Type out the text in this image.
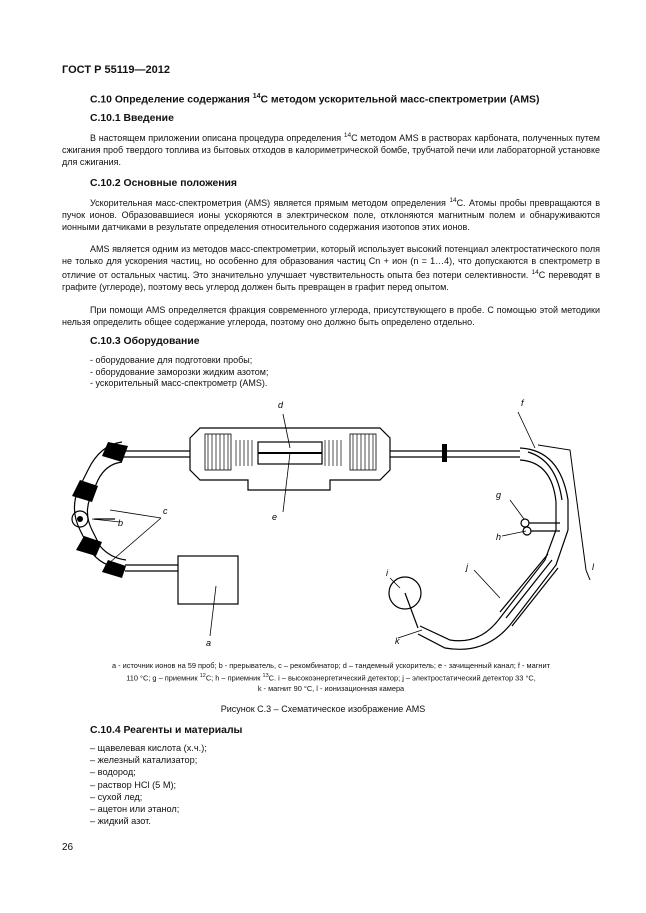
ГОСТ Р 55119—2012
С.10 Определение содержания $^{14}$С методом ускорительной масс-спектрометрии (AMS)
С.10.1 Введение

В настоящем приложении описана процедура определения $^{14}$С методом AMS в растворах карбоната, полученных путем сжигания проб твердого топлива из бытовых отходов в калориметрической бомбе, трубчатой печи или лабораторной установке для сжигания.

С.10.2 Основные положения

Ускорительная масс-спектрометрия (AMS) является прямым методом определения $^{14}$С. Атомы пробы превращаются в пучок ионов. Образовавшиеся ионы ускоряются в электрическом поле, отклоняются магнитным полем и обнаруживаются ионными датчиками в результате определения относительного содержания изотопов этих ионов.

AMS является одним из методов масс-спектрометрии, который использует высокий потенциал электростатического поля не только для ускорения частиц, но особенно для образования частиц Cn + ион (n = 1…4), что допускаются в спектрометр в отличие от остальных частиц. Это значительно улучшает чувствительность опыта без потери селективности. $^{14}$С переводят в графите (углероде), поэтому весь углерод должен быть превращен в графит перед опытом.

При помощи AMS определяется фракция современного углерода, присутствующего в пробе. С помощью этой методики нельзя определить общее содержание углерода, поэтому оно должно быть определено отдельно.

С.10.3 Оборудование
- оборудование для подготовки пробы;
- оборудование заморозки жидким азотом;
- ускорительный масс-спектрометр (AMS).
d	f
g
h
e
b
c
a
i
j
k
l
a - источник ионов на 59 проб; b - прерыватель, c – рекомбинатор; d – тандемный ускоритель; e - зачищенный канал; f - магнит
110 °С; g – приемник $^{12}$С; h – приемник $^{13}$С. i – высокоэнергетический детектор; j – электростатический детектор 33 °С,
k - магнит 90 °С, l - ионизационная камера
Рисунок С.3 – Схематическое изображение AMS
С.10.4 Реагенты и материалы
– щавелевая кислота (х.ч.);
– железный катализатор;
– водород;
– раствор HCl (5 М);
– сухой лед;
– ацетон или этанол;
– жидкий азот.
26
